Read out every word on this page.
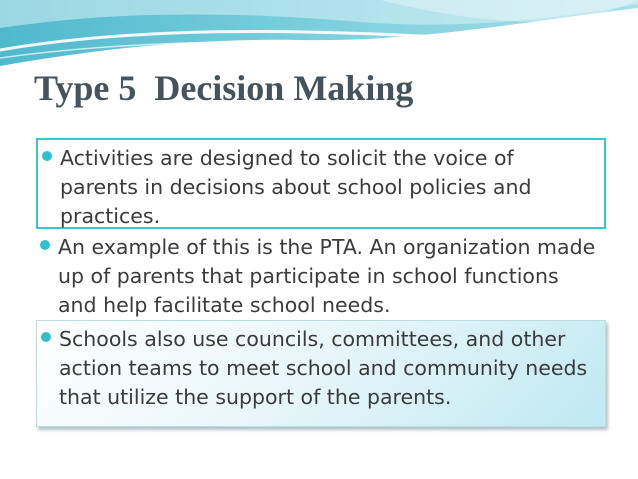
Type 5  Decision Making
Activities are designed to solicit the voice of parents in decisions about school policies and practices.
An example of this is the PTA. An organization made up of parents that participate in school functions and help facilitate school needs.
Schools also use councils, committees, and other action teams to meet school and community needs that utilize the support of the parents.
